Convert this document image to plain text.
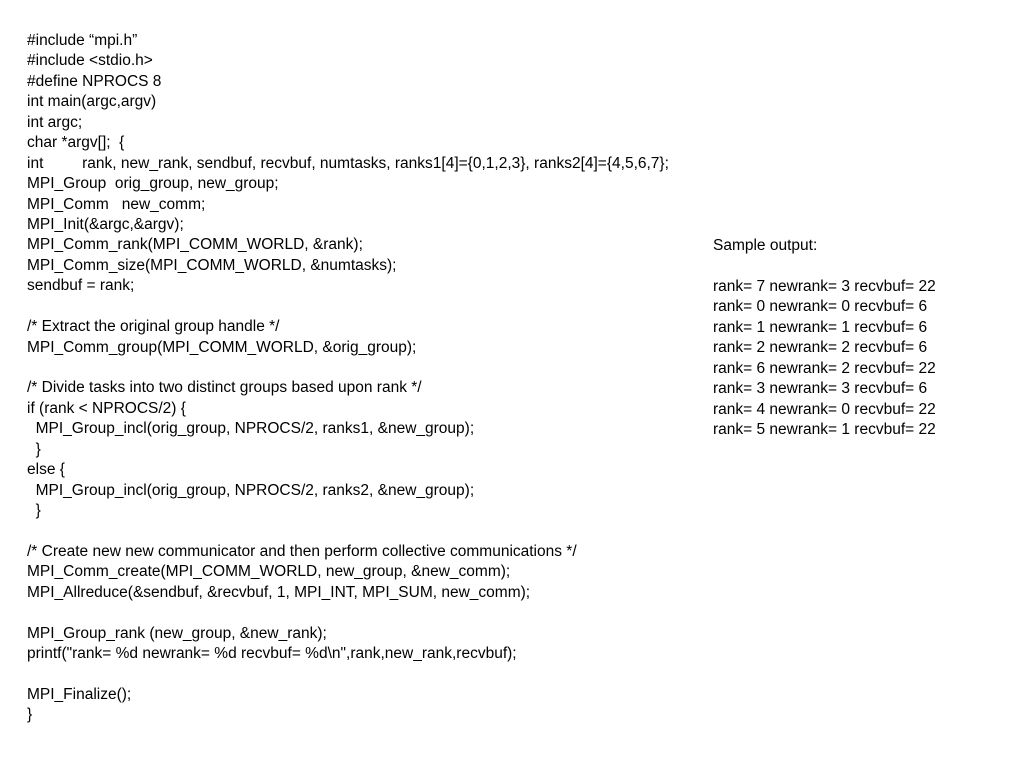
#include “mpi.h”
#include <stdio.h>
#define NPROCS 8
int main(argc,argv)
int argc;
char *argv[];  {
int         rank, new_rank, sendbuf, recvbuf, numtasks, ranks1[4]={0,1,2,3}, ranks2[4]={4,5,6,7};
MPI_Group  orig_group, new_group;
MPI_Comm   new_comm;
MPI_Init(&argc,&argv);
MPI_Comm_rank(MPI_COMM_WORLD, &rank);
MPI_Comm_size(MPI_COMM_WORLD, &numtasks);
sendbuf = rank;
/* Extract the original group handle */
MPI_Comm_group(MPI_COMM_WORLD, &orig_group);
/* Divide tasks into two distinct groups based upon rank */
if (rank < NPROCS/2) {
MPI_Group_incl(orig_group, NPROCS/2, ranks1, &new_group);
}
else {
MPI_Group_incl(orig_group, NPROCS/2, ranks2, &new_group);
}
/* Create new new communicator and then perform collective communications */
MPI_Comm_create(MPI_COMM_WORLD, new_group, &new_comm);
MPI_Allreduce(&sendbuf, &recvbuf, 1, MPI_INT, MPI_SUM, new_comm);
MPI_Group_rank (new_group, &new_rank);
printf("rank= %d newrank= %d recvbuf= %d\n",rank,new_rank,recvbuf);
MPI_Finalize();
}
Sample output:
rank= 7 newrank= 3 recvbuf= 22
rank= 0 newrank= 0 recvbuf= 6
rank= 1 newrank= 1 recvbuf= 6
rank= 2 newrank= 2 recvbuf= 6
rank= 6 newrank= 2 recvbuf= 22
rank= 3 newrank= 3 recvbuf= 6
rank= 4 newrank= 0 recvbuf= 22
rank= 5 newrank= 1 recvbuf= 22
